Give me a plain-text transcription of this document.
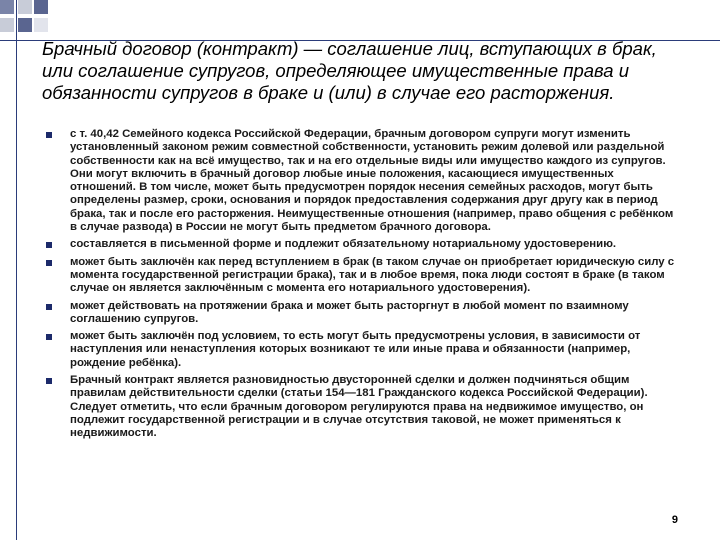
Брачный договор (контракт) — соглашение лиц, вступающих в брак, или соглашение супругов, определяющее имущественные права и обязанности супругов в браке и (или) в случае его расторжения.
с т. 40,42 Семейного кодекса Российской Федерации, брачным договором супруги могут изменить установленный законом режим совместной собственности, установить режим долевой или раздельной собственности как на всё имущество, так и на его отдельные виды или имущество каждого из супругов. Они могут включить в брачный договор любые иные положения, касающиеся имущественных отношений. В том числе, может быть предусмотрен порядок несения семейных расходов, могут быть определены размер, сроки, основания и порядок предоставления содержания друг другу как в период брака, так и после его расторжения. Неимущественные отношения (например, право общения с ребёнком в случае развода) в России не могут быть предметом брачного договора.
составляется в письменной форме и подлежит обязательному нотариальному удостоверению.
может быть заключён как перед вступлением в брак (в таком случае он приобретает юридическую силу с момента государственной регистрации брака), так и в любое время, пока люди состоят в браке (в таком случае он является заключённым с момента его нотариального удостоверения).
может действовать на протяжении брака и может быть расторгнут в любой момент по взаимному соглашению супругов.
может быть заключён под условием, то есть могут быть предусмотрены условия, в зависимости от наступления или ненаступления которых возникают те или иные права и обязанности (например, рождение ребёнка).
Брачный контракт является разновидностью двусторонней сделки и должен подчиняться общим правилам действительности сделки (статьи 154—181 Гражданского кодекса Российской Федерации). Следует отметить, что если брачным договором регулируются права на недвижимое имущество, он подлежит государственной регистрации и в случае отсутствия таковой, не может применяться к недвижимости.
9
